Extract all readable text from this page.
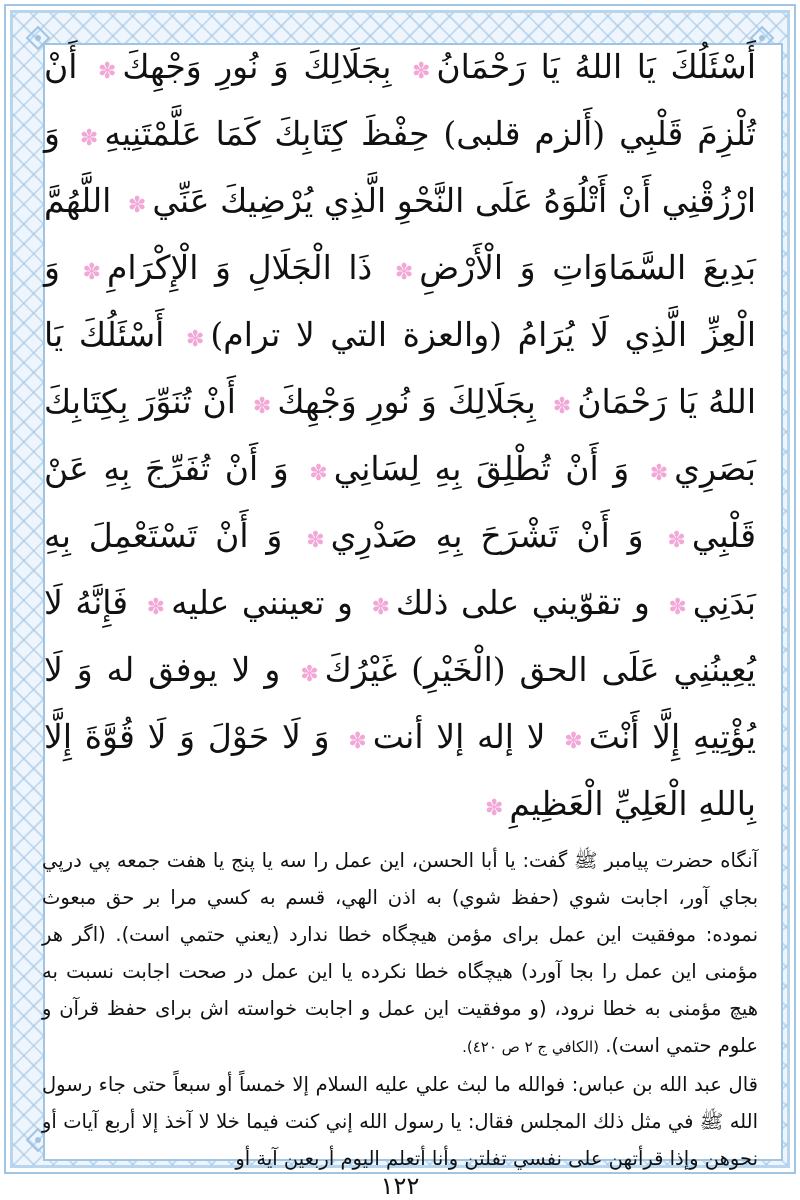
أَسْئَلُكَ يَا اللهُ يَا رَحْمَانُ✽ بِجَلَالِكَ وَ نُورِ وَجْهِكَ✽ أَنْ تُلْزِمَ قَلْبِي (أَلزم قلبى) حِفْظَ كِتَابِكَ كَمَا عَلَّمْتَنِيهِ✽ وَ ارْزُقْنِي أَنْ أَتْلُوَهُ عَلَى النَّحْوِ الَّذِي يُرْضِيكَ عَنِّي✽ اللَّهُمَّ بَدِيعَ السَّمَاوَاتِ وَ الْأَرْضِ✽ ذَا الْجَلَالِ وَ الْإِكْرَامِ✽ وَ الْعِزِّ الَّذِي لَا يُرَامُ (والعزة التي لا ترام)✽ أَسْئَلُكَ يَا اللهُ يَا رَحْمَانُ✽ بِجَلَالِكَ وَ نُورِ وَجْهِكَ✽ أَنْ تُنَوِّرَ بِكِتَابِكَ بَصَرِي✽ وَ أَنْ تُطْلِقَ بِهِ لِسَانِي✽ وَ أَنْ تُفَرِّجَ بِهِ عَنْ قَلْبِي✽ وَ أَنْ تَشْرَحَ بِهِ صَدْرِي✽ وَ أَنْ تَسْتَعْمِلَ بِهِ بَدَنِي✽ و تقوّيني على ذلك✽ و تعينني عليه✽ فَإِنَّهُ لَا يُعِينُنِي عَلَى الحق (الْخَيْرِ) غَيْرُكَ✽ و لا يوفق له وَ لَا يُؤْتِيهِ إِلَّا أَنْتَ✽ لا إله إلا أنت✽ وَ لَا حَوْلَ وَ لَا قُوَّةَ إِلَّا بِاللهِ الْعَلِيِّ الْعَظِيمِ✽

آنگاه حضرت پیامبر ﷺ گفت: یا أبا الحسن، این عمل را سه یا پنج یا هفت جمعه پي درپي بجاي آور، اجابت شوي (حفظ شوي) به اذن الهي، قسم به كسي مرا بر حق مبعوث نموده: موفقيت اين عمل براى مؤمن هيچگاه خطا ندارد (يعني حتمي است). (اگر هر مؤمنى اين عمل را بجا آورد) هيچگاه خطا نكرده يا اين عمل در صحت اجابت نسبت به هيچ مؤمنى به خطا نرود، (و موفقيت اين عمل و اجابت خواسته اش براى حفظ قرآن و علوم حتمي است). (الكافي ج ٢ ص ٤٢٠).

قال عبد الله بن عباس: فوالله ما لبث علي عليه السلام إلا خمساً أو سبعاً حتى جاء رسول الله ﷺ في مثل ذلك المجلس فقال: يا رسول الله إني كنت فيما خلا لا آخذ إلا أربع آيات أو نحوهن وإذا قرأتهن على نفسي تفلتن وأنا أتعلم اليوم أربعين آية أو

١٢٢
